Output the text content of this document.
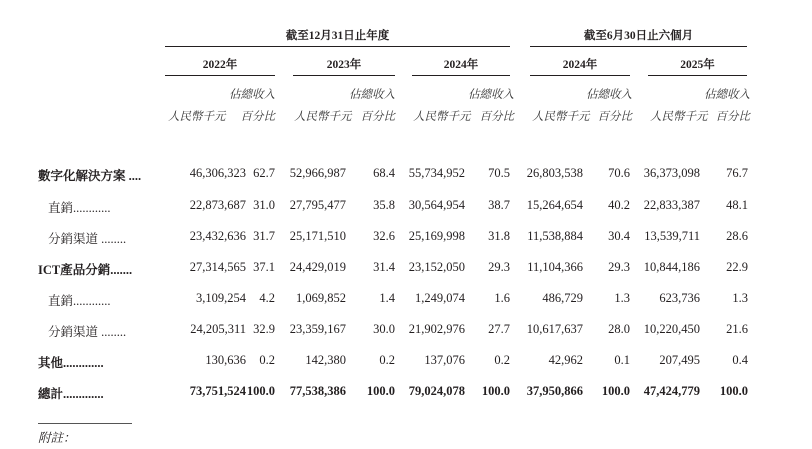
截至12月31日止年度	截至6月30日止六個月
2022年	2023年	2024年	2024年	2025年
佔總收入	佔總收入	佔總收入	佔總收入	佔總收入
人民幣千元 百分比 人民幣千元 百分比 人民幣千元 百分比 人民幣千元 百分比 人民幣千元 百分比
數字化解決方案 ....	46,306,323 62.7 52,966,987 68.4 55,734,952 70.5 26,803,538 70.6 36,373,098 76.7
直銷............	22,873,687 31.0 27,795,477 35.8 30,564,954 38.7 15,264,654 40.2 22,833,387 48.1
分銷渠道 ........	23,432,636 31.7 25,171,510 32.6 25,169,998 31.8 11,538,884 30.4 13,539,711 28.6
ICT產品分銷.......	27,314,565 37.1 24,429,019 31.4 23,152,050 29.3 11,104,366 29.3 10,844,186 22.9
直銷............	3,109,254 4.2 1,069,852	1.4 1,249,074 1.6	486,729	1.3 623,736	1.3
分銷渠道 ........	24,205,311 32.9 23,359,167 30.0 21,902,976 27.7 10,617,637 28.0 10,220,450 21.6
其他.............	130,636 0.2 142,380	0.2 137,076 0.2	42,962	0.1 207,495	0.4
總計.............	73,751,524 100.0 77,538,386 100.0 79,024,078 100.0 37,950,866 100.0 47,424,779 100.0
附註：
